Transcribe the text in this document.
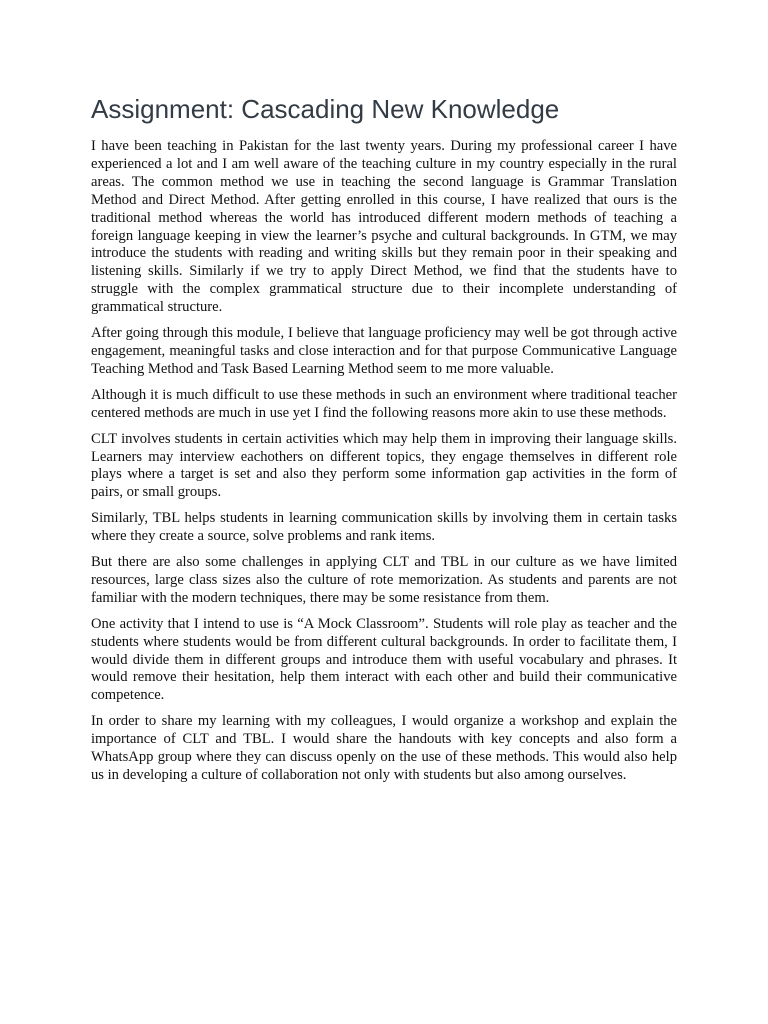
Assignment: Cascading New Knowledge

I have been teaching in Pakistan for the last twenty years. During my professional career I have experienced a lot and I am well aware of the teaching culture in my country especially in the rural areas. The common method we use in teaching the second language is Grammar Translation Method and Direct Method. After getting enrolled in this course, I have realized that ours is the traditional method whereas the world has introduced different modern methods of teaching a foreign language keeping in view the learner’s psyche and cultural backgrounds. In GTM, we may introduce the students with reading and writing skills but they remain poor in their speaking and listening skills. Similarly if we try to apply Direct Method, we find that the students have to struggle with the complex grammatical structure due to their incomplete understanding of grammatical structure.

After going through this module, I believe that language proficiency may well be got through active engagement, meaningful tasks and close interaction and for that purpose Communicative Language Teaching Method and Task Based Learning Method seem to me more valuable.

Although it is much difficult to use these methods in such an environment where traditional teacher centered methods are much in use yet I find the following reasons more akin to use these methods.

CLT involves students in certain activities which may help them in improving their language skills. Learners may interview eachothers on different topics, they engage themselves in different role plays where a target is set and also they perform some information gap activities in the form of pairs, or small groups.

Similarly, TBL helps students in learning communication skills by involving them in certain tasks where they create a source, solve problems and rank items.

But there are also some challenges in applying CLT and TBL in our culture as we have limited resources, large class sizes also the culture of rote memorization. As students and parents are not familiar with the modern techniques, there may be some resistance from them.

One activity that I intend to use is “A Mock Classroom”. Students will role play as teacher and the students where students would be from different cultural backgrounds. In order to facilitate them, I would divide them in different groups and introduce them with useful vocabulary and phrases. It would remove their hesitation, help them interact with each other and build their communicative competence.

In order to share my learning with my colleagues, I would organize a workshop and explain the importance of CLT and TBL. I would share the handouts with key concepts and also form a WhatsApp group where they can discuss openly on the use of these methods. This would also help us in developing a culture of collaboration not only with students but also among ourselves.
